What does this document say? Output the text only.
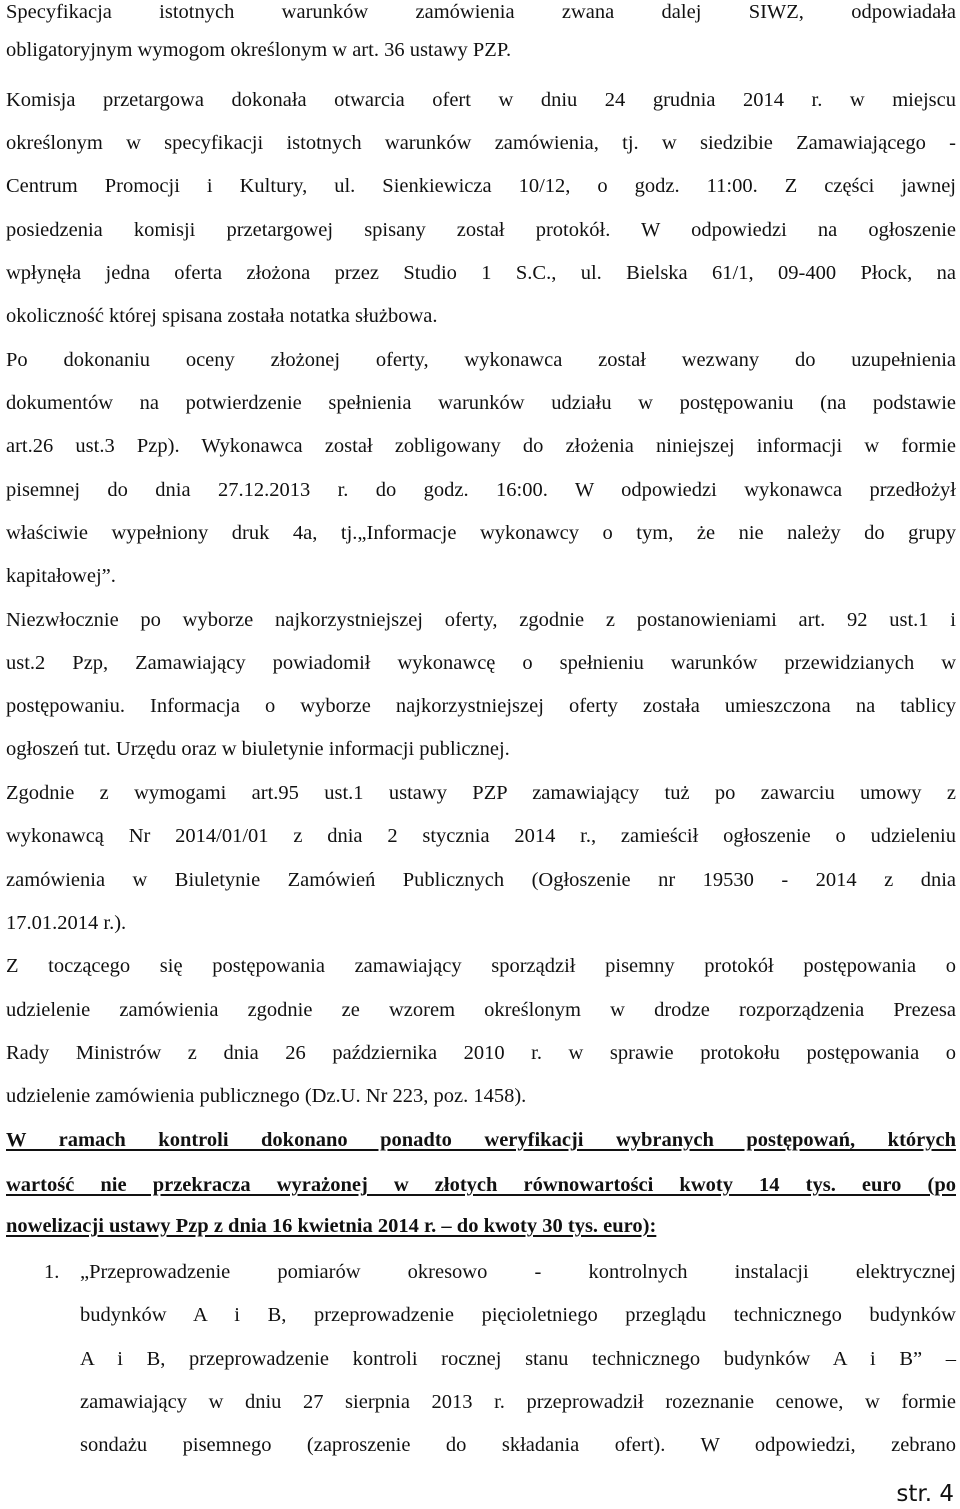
Specyfikacja istotnych warunków zamówienia zwana dalej SIWZ, odpowiadała
obligatoryjnym wymogom określonym w art. 36 ustawy PZP.
Komisja przetargowa dokonała otwarcia ofert w dniu 24 grudnia 2014 r. w miejscu
określonym w specyfikacji istotnych warunków zamówienia, tj. w siedzibie Zamawiającego -
Centrum Promocji i Kultury, ul. Sienkiewicza 10/12, o godz. 11:00. Z części jawnej
posiedzenia komisji przetargowej spisany został protokół. W odpowiedzi na ogłoszenie
wpłynęła jedna oferta złożona przez Studio 1 S.C., ul. Bielska 61/1, 09-400 Płock, na
okoliczność której spisana została notatka służbowa.
Po dokonaniu oceny złożonej oferty, wykonawca został wezwany do uzupełnienia
dokumentów na potwierdzenie spełnienia warunków udziału w postępowaniu (na podstawie
art.26 ust.3 Pzp). Wykonawca został zobligowany do złożenia niniejszej informacji w formie
pisemnej do dnia 27.12.2013 r. do godz. 16:00. W odpowiedzi wykonawca przedłożył
właściwie wypełniony druk 4a, tj.„Informacje wykonawcy o tym, że nie należy do grupy
kapitałowej”.
Niezwłocznie po wyborze najkorzystniejszej oferty, zgodnie z postanowieniami art. 92 ust.1 i
ust.2 Pzp, Zamawiający powiadomił wykonawcę o spełnieniu warunków przewidzianych w
postępowaniu. Informacja o wyborze najkorzystniejszej oferty została umieszczona na tablicy
ogłoszeń tut. Urzędu oraz w biuletynie informacji publicznej.
Zgodnie z wymogami art.95 ust.1 ustawy PZP zamawiający tuż po zawarciu umowy z
wykonawcą Nr 2014/01/01 z dnia 2 stycznia 2014 r., zamieścił ogłoszenie o udzieleniu
zamówienia w Biuletynie Zamówień Publicznych (Ogłoszenie nr 19530 - 2014 z dnia
17.01.2014 r.).
Z toczącego się postępowania zamawiający sporządził pisemny protokół postępowania o
udzielenie zamówienia zgodnie ze wzorem określonym w drodze rozporządzenia Prezesa
Rady Ministrów z dnia 26 października 2010 r. w sprawie protokołu postępowania o
udzielenie zamówienia publicznego (Dz.U. Nr 223, poz. 1458).
W ramach kontroli dokonano ponadto weryfikacji wybranych postępowań, których
wartość nie przekracza wyrażonej w złotych równowartości kwoty 14 tys. euro (po
nowelizacji ustawy Pzp z dnia 16 kwietnia 2014 r. – do kwoty 30 tys. euro):
1. „Przeprowadzenie pomiarów okresowo - kontrolnych instalacji elektrycznej
budynków A i B, przeprowadzenie pięcioletniego przeglądu technicznego budynków
A i B, przeprowadzenie kontroli rocznej stanu technicznego budynków A i B” –
zamawiający w dniu 27 sierpnia 2013 r. przeprowadził rozeznanie cenowe, w formie
sondażu pisemnego (zaproszenie do składania ofert). W odpowiedzi, zebrano
str. 4
